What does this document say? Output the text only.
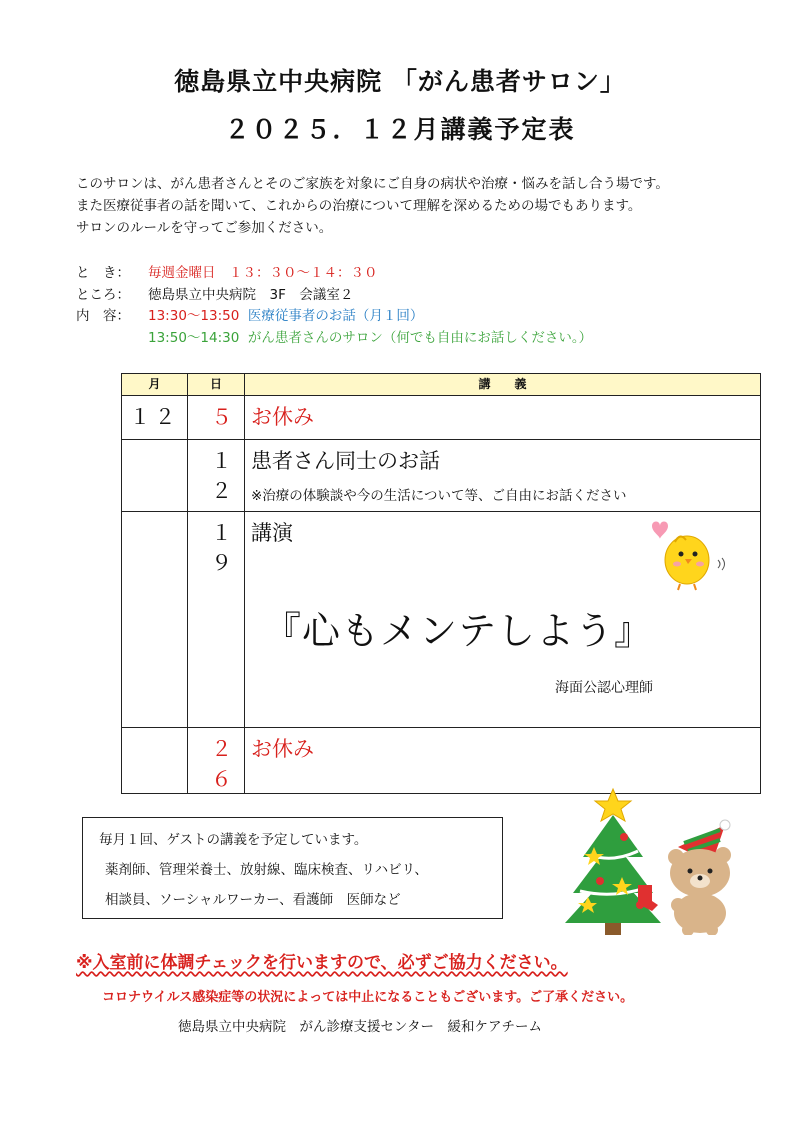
徳島県立中央病院 「がん患者サロン」
２０２５．１２月講義予定表
このサロンは、がん患者さんとそのご家族を対象にご自身の病状や治療・悩みを話し合う場です。
また医療従事者の話を聞いて、これからの治療について理解を深めるための場でもあります。
サロンのルールを守ってご参加ください。
と　き： 毎週金曜日　１３：３０～１４：３０
ところ： 徳島県立中央病院　3F　会議室２
内　容： 13:30～13:50 医療従事者のお話（月１回）
13:50～14:30 がん患者さんのサロン（何でも自由にお話しください。）
月	日	講　　義
１２	５	お休み
	１２	患者さん同士のお話
※治療の体験談や今の生活について等、ご自由にお話ください

	１９	講演
『心もメンテしよう』
海面公認心理師

	２６	お休み
毎月１回、ゲストの講義を予定しています。
薬剤師、管理栄養士、放射線、臨床検査、リハビリ、
相談員、ソーシャルワーカー、看護師　医師など
※入室前に体調チェックを行いますので、必ずご協力ください。
コロナウイルス感染症等の状況によっては中止になることもございます。ご了承ください。
徳島県立中央病院　がん診療支援センター　緩和ケアチーム
